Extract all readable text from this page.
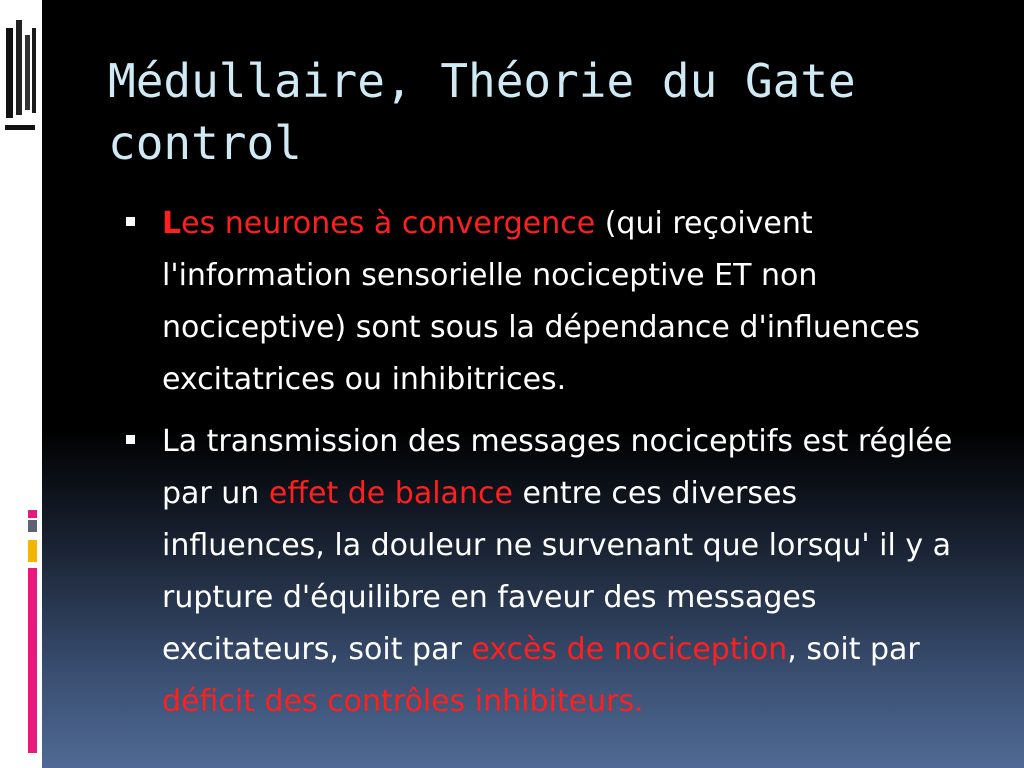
Médullaire, Théorie du Gate control

Les neurones à convergence (qui reçoivent l'information sensorielle nociceptive ET non nociceptive) sont sous la dépendance d'influences excitatrices ou inhibitrices.

La transmission des messages nociceptifs est réglée par un effet de balance entre ces diverses influences, la douleur ne survenant que lorsqu' il y a rupture d'équilibre en faveur des messages excitateurs, soit par excès de nociception, soit par déficit des contrôles inhibiteurs.
